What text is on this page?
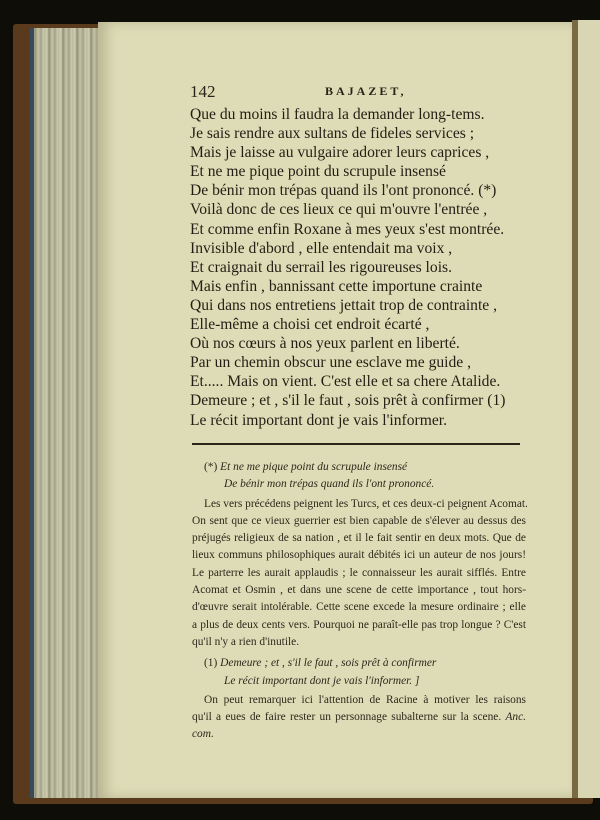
142	BAJAZET,
Que du moins il faudra la demander long-tems.
Je sais rendre aux sultans de fideles services ;
Mais je laisse au vulgaire adorer leurs caprices ,
Et ne me pique point du scrupule insensé
De bénir mon trépas quand ils l'ont prononcé. (*)
Voilà donc de ces lieux ce qui m'ouvre l'entrée ,
Et comme enfin Roxane à mes yeux s'est montrée.
Invisible d'abord , elle entendait ma voix ,
Et craignait du serrail les rigoureuses lois.
Mais enfin , bannissant cette importune crainte
Qui dans nos entretiens jettait trop de contrainte ,
Elle-même a choisi cet endroit écarté ,
Où nos cœurs à nos yeux parlent en liberté.
Par un chemin obscur une esclave me guide ,
Et..... Mais on vient. C'est elle et sa chere Atalide.
Demeure ; et , s'il le faut , sois prêt à confirmer (1)
Le récit important dont je vais l'informer.
(*) Et ne me pique point du scrupule insensé
De bénir mon trépas quand ils l'ont prononcé.
Les vers précédens peignent les Turcs, et ces deux-ci peignent Acomat.
On sent que ce vieux guerrier est bien capable de s'élever au dessus des
préjugés religieux de sa nation , et il le fait sentir en deux mots. Que de
lieux communs philosophiques aurait débités ici un auteur de nos jours!
Le parterre les aurait applaudis ; le connaisseur les aurait sifflés. Entre
Acomat et Osmin , et dans une scene de cette importance , tout hors-
d'œuvre serait intolérable. Cette scene excede la mesure ordinaire ; elle
a plus de deux cents vers. Pourquoi ne paraît-elle pas trop longue ? C'est
qu'il n'y a rien d'inutile.
(1) Demeure ; et , s'il le faut , sois prêt à confirmer
Le récit important dont je vais l'informer. ]
On peut remarquer ici l'attention de Racine à motiver les raisons
qu'il a eues de faire rester un personnage subalterne sur la scene. Anc.
com.
